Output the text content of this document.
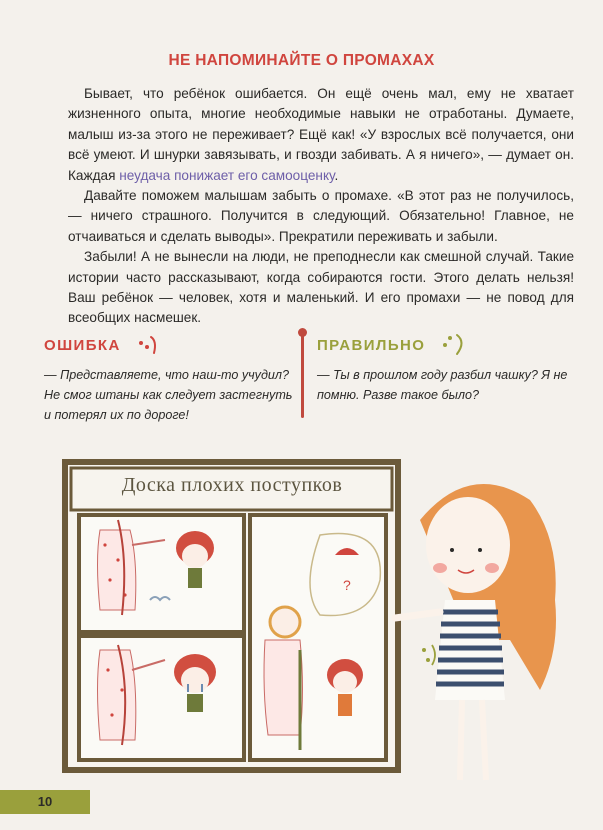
НЕ НАПОМИНАЙТЕ О ПРОМАХАХ

Бывает, что ребёнок ошибается. Он ещё очень мал, ему не хватает жизненного опыта, многие необходимые навыки не отработаны. Думаете, малыш из-за этого не переживает? Ещё как! «У взрослых всё получается, они всё умеют. И шнурки завязывать, и гвозди забивать. А я ничего», — думает он. Каждая неудача понижает его самооценку.

Давайте поможем малышам забыть о промахе. «В этот раз не получилось, — ничего страшного. Получится в следующий. Обязательно! Главное, не отчаиваться и сделать выводы». Прекратили переживать и забыли.

Забыли! А не вынесли на люди, не преподнесли как смешной случай. Такие истории часто рассказывают, когда собираются гости. Этого делать нельзя! Ваш ребёнок — человек, хотя и маленький. И его промахи — не повод для всеобщих насмешек.

ОШИБКА
— Представляете, что наш-то учудил? Не смог штаны как следует застегнуть и потерял их по дороге!
ПРАВИЛЬНО
— Ты в прошлом году разбил чашку? Я не помню. Разве такое было?
?
Доска плохих поступков
10
